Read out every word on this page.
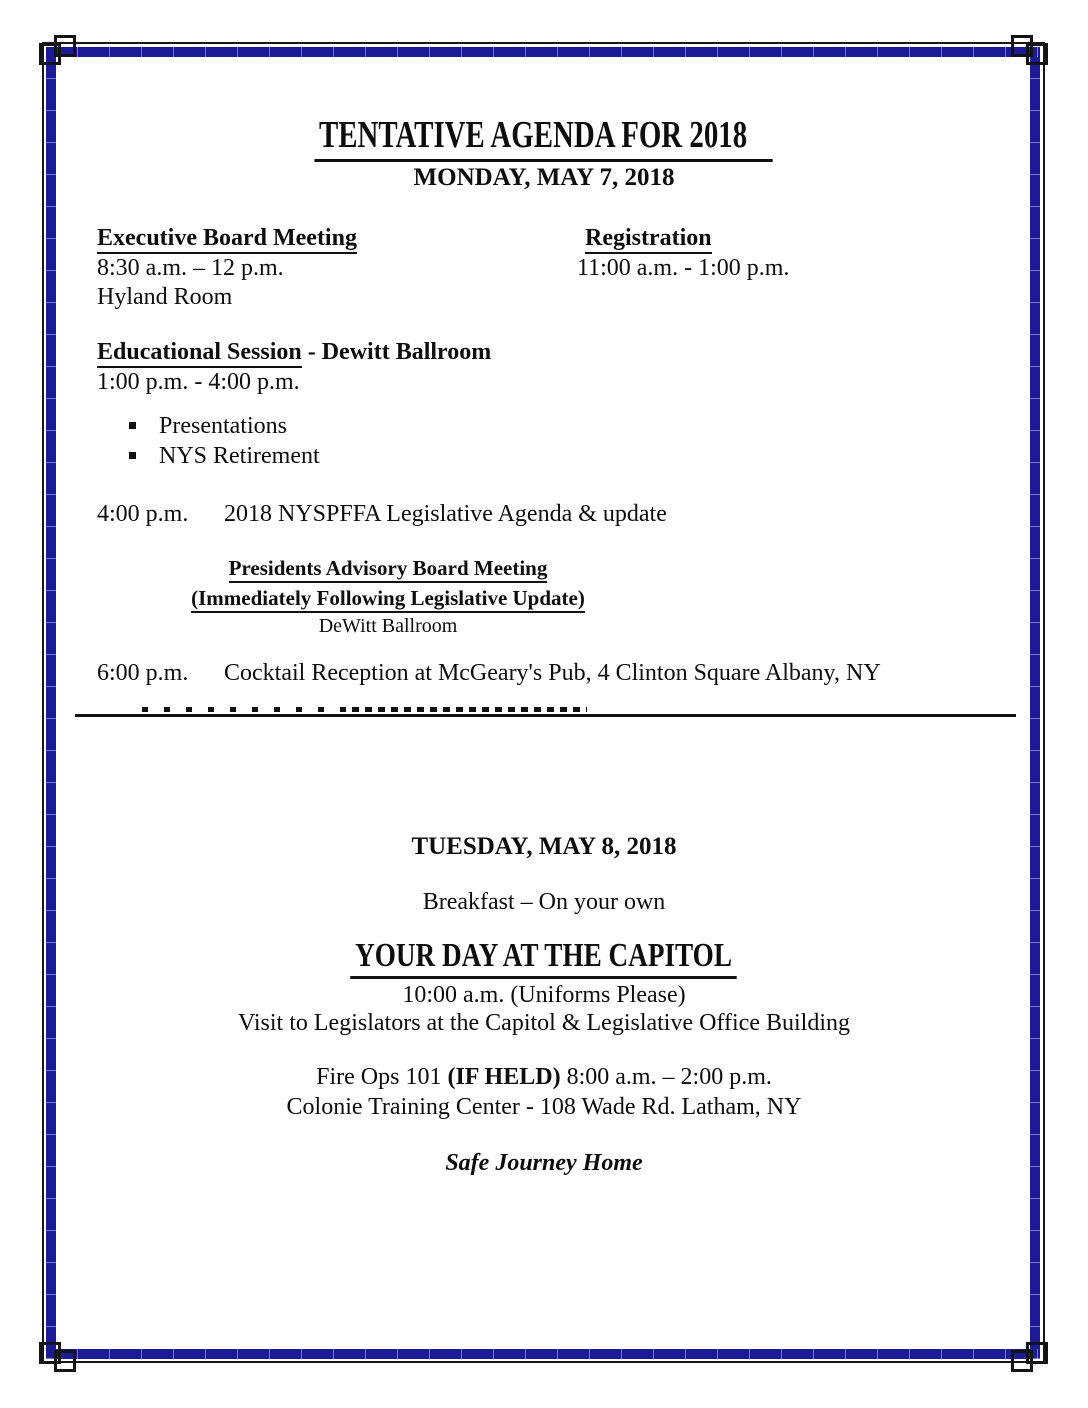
TENTATIVE AGENDA FOR 2018
MONDAY, MAY 7, 2018
Executive Board Meeting
8:30 a.m. – 12 p.m.
Hyland Room
Registration
11:00 a.m. - 1:00 p.m.
Educational Session - Dewitt Ballroom
1:00 p.m. - 4:00 p.m.
Presentations
NYS Retirement
4:00 p.m. 2018 NYSPFFA Legislative Agenda & update
Presidents Advisory Board Meeting
(Immediately Following Legislative Update)
DeWitt Ballroom
6:00 p.m. Cocktail Reception at McGeary's Pub, 4 Clinton Square Albany, NY
TUESDAY, MAY 8, 2018
Breakfast – On your own
YOUR DAY AT THE CAPITOL
10:00 a.m. (Uniforms Please)
Visit to Legislators at the Capitol & Legislative Office Building
Fire Ops 101 (IF HELD) 8:00 a.m. – 2:00 p.m.
Colonie Training Center - 108 Wade Rd. Latham, NY
Safe Journey Home
